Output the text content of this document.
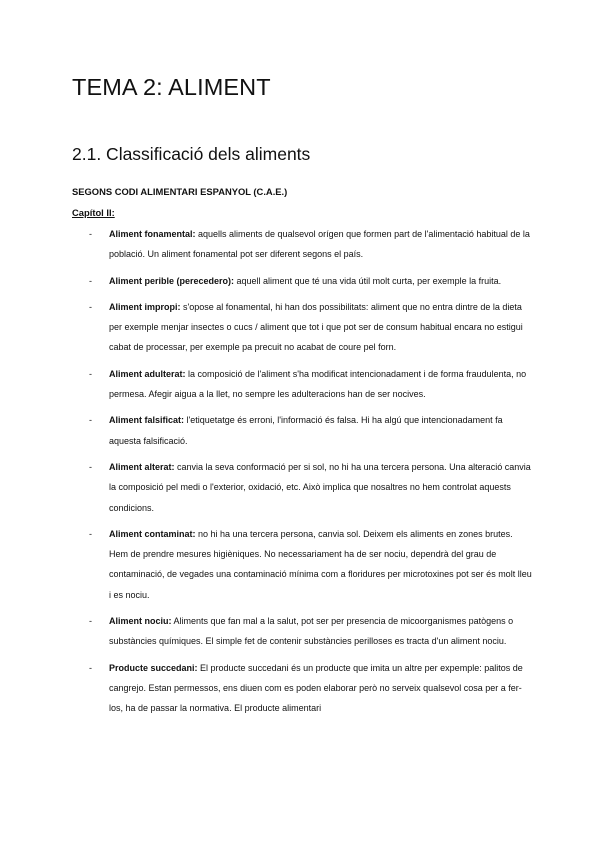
TEMA 2: ALIMENT
2.1. Classificació dels aliments

SEGONS CODI ALIMENTARI ESPANYOL (C.A.E.)

Capítol II:

- Aliment fonamental: aquells aliments de qualsevol orígen que formen part de l'alimentació habitual de la població. Un aliment fonamental pot ser diferent segons el país.
- Aliment perible (perecedero): aquell aliment que té una vida útil molt curta, per exemple la fruita.
- Aliment impropi: s'opose al fonamental, hi han dos possibilitats: aliment que no entra dintre de la dieta per exemple menjar insectes o cucs / aliment que tot i que pot ser de consum habitual encara no estigui cabat de processar, per exemple pa precuit no acabat de coure pel forn.
- Aliment adulterat: la composició de l'aliment s'ha modificat intencionadament i de forma fraudulenta, no permesa. Afegir aigua a la llet, no sempre les adulteracions han de ser nocives.
- Aliment falsificat: l'etiquetatge és erroni, l'informació és falsa. Hi ha algú que intencionadament fa aquesta falsificació.
- Aliment alterat: canvia la seva conformació per si sol, no hi ha una tercera persona. Una alteració canvia la composició pel medi o l'exterior, oxidació, etc. Això implica que nosaltres no hem controlat aquests condicions.
- Aliment contaminat: no hi ha una tercera persona, canvia sol. Deixem els aliments en zones brutes. Hem de prendre mesures higièniques. No necessariament ha de ser nociu, dependrà del grau de contaminació, de vegades una contaminació mínima com a floridures per microtoxines pot ser és molt lleu i es nociu.
- Aliment nociu: Aliments que fan mal a la salut, pot ser per presencia de micoorganismes patògens o substàncies químiques. El simple fet de contenir substàncies perilloses es tracta d'un aliment nociu.
- Producte succedani: El producte succedani és un producte que imita un altre per expemple: palitos de cangrejo. Estan permessos, ens diuen com es poden elaborar però no serveix qualsevol cosa per a fer-los, ha de passar la normativa. El producte alimentari
